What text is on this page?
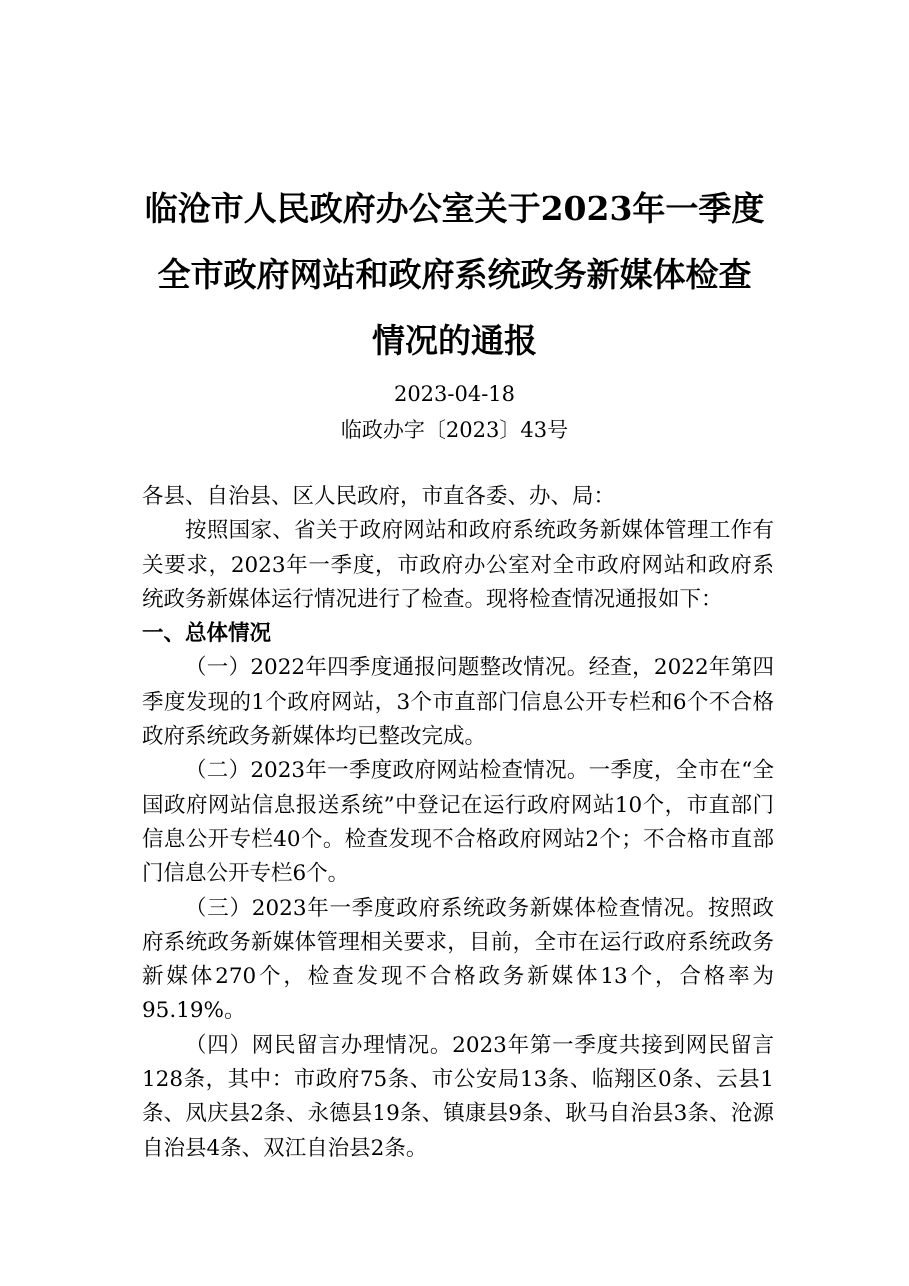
临沧市人民政府办公室关于2023年一季度
全市政府网站和政府系统政务新媒体检查
情况的通报
2023-04-18
临政办字〔2023〕43号

各县、自治县、区人民政府，市直各委、办、局：

按照国家、省关于政府网站和政府系统政务新媒体管理工作有关要求，2023年一季度，市政府办公室对全市政府网站和政府系统政务新媒体运行情况进行了检查。现将检查情况通报如下：

一、总体情况

（一）2022年四季度通报问题整改情况。经查，2022年第四季度发现的1个政府网站，3个市直部门信息公开专栏和6个不合格政府系统政务新媒体均已整改完成。

（二）2023年一季度政府网站检查情况。一季度，全市在“全国政府网站信息报送系统”中登记在运行政府网站10个，市直部门信息公开专栏40个。检查发现不合格政府网站2个；不合格市直部门信息公开专栏6个。

（三）2023年一季度政府系统政务新媒体检查情况。按照政府系统政务新媒体管理相关要求，目前，全市在运行政府系统政务新媒体270个，检查发现不合格政务新媒体13个，合格率为95.19%。

（四）网民留言办理情况。2023年第一季度共接到网民留言128条，其中：市政府75条、市公安局13条、临翔区0条、云县1条、凤庆县2条、永德县19条、镇康县9条、耿马自治县3条、沧源自治县4条、双江自治县2条。
